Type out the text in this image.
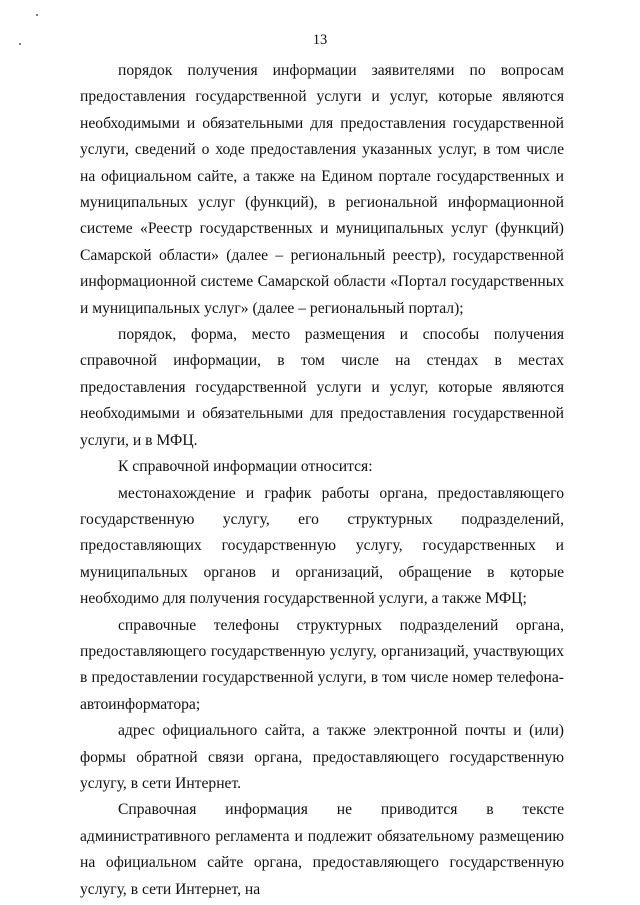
13

порядок получения информации заявителями по вопросам предоставления государственной услуги и услуг, которые являются необходимыми и обязательными для предоставления государственной услуги, сведений о ходе предоставления указанных услуг, в том числе на официальном сайте, а также на Едином портале государственных и муниципальных услуг (функций), в региональной информационной системе «Реестр государственных и муниципальных услуг (функций) Самарской области» (далее – региональный реестр), государственной информационной системе Самарской области «Портал государственных и муниципальных услуг» (далее – региональный портал);

порядок, форма, место размещения и способы получения справочной информации, в том числе на стендах в местах предоставления государственной услуги и услуг, которые являются необходимыми и обязательными для предоставления государственной услуги, и в МФЦ.

К справочной информации относится:

местонахождение и график работы органа, предоставляющего государственную услугу, его структурных подразделений, предоставляющих государственную услугу, государственных и муниципальных органов и организаций, обращение в которые необходимо для получения государственной услуги, а также МФЦ;

справочные телефоны структурных подразделений органа, предоставляющего государственную услугу, организаций, участвующих в предоставлении государственной услуги, в том числе номер телефона-автоинформатора;

адрес официального сайта, а также электронной почты и (или) формы обратной связи органа, предоставляющего государственную услугу, в сети Интернет.

Справочная информация не приводится в тексте административного регламента и подлежит обязательному размещению на официальном сайте органа, предоставляющего государственную услугу, в сети Интернет, на
